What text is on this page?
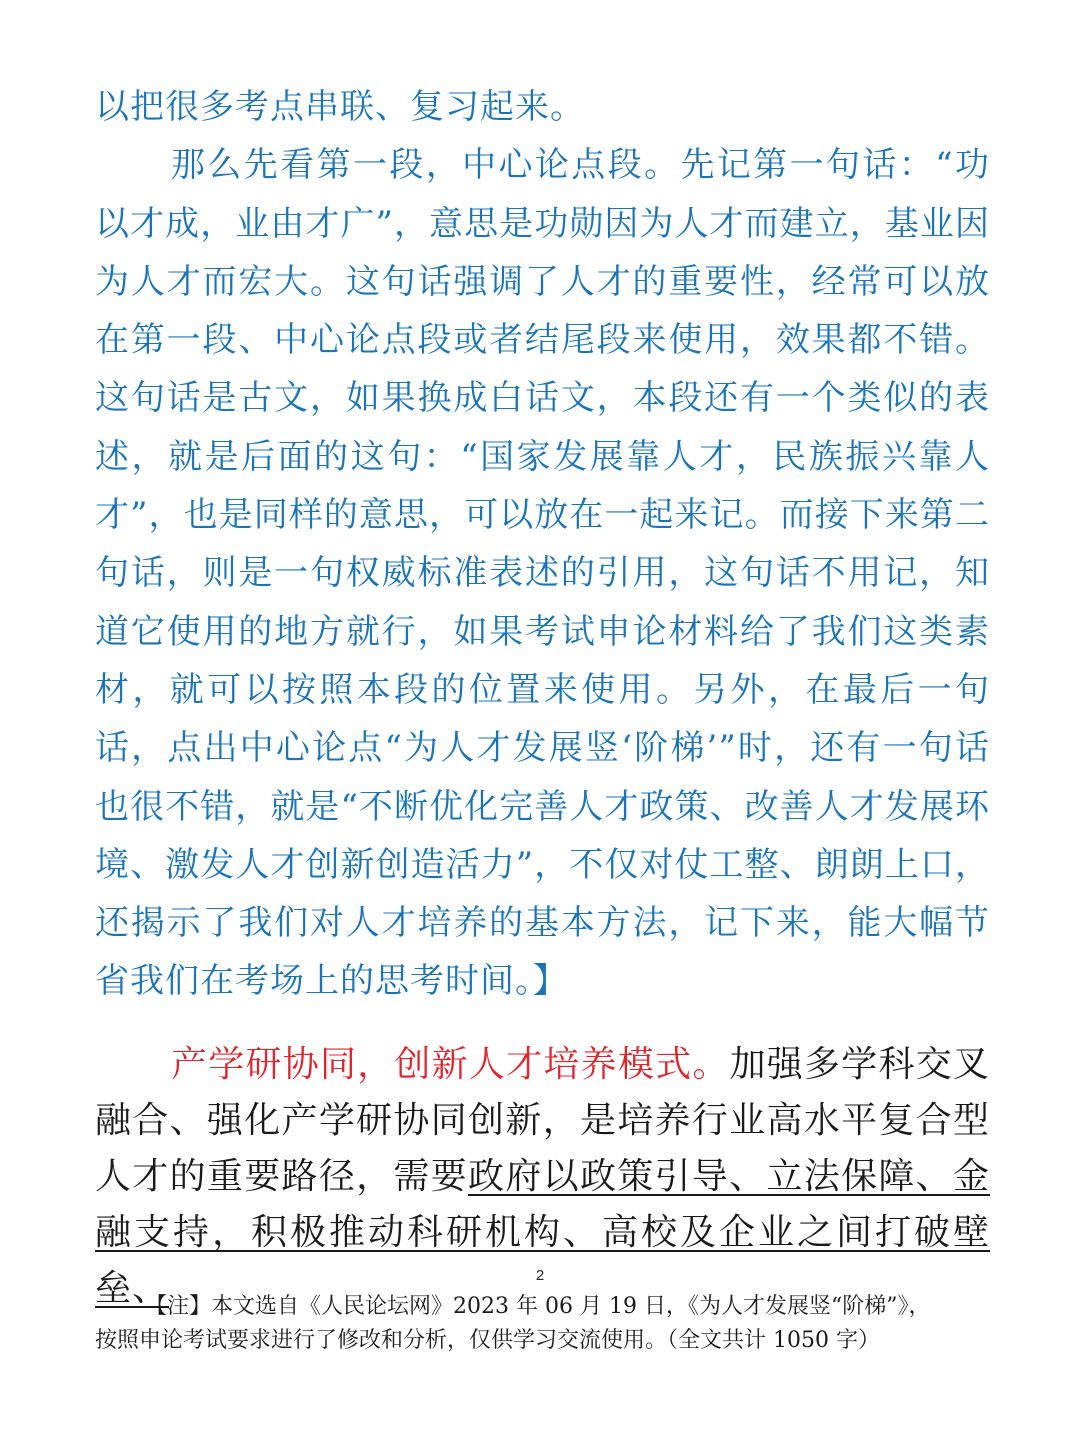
以把很多考点串联、复习起来。

那么先看第一段，中心论点段。先记第一句话：“功以才成，业由才广”，意思是功勋因为人才而建立，基业因为人才而宏大。这句话强调了人才的重要性，经常可以放在第一段、中心论点段或者结尾段来使用，效果都不错。这句话是古文，如果换成白话文，本段还有一个类似的表述，就是后面的这句：“国家发展靠人才，民族振兴靠人才”，也是同样的意思，可以放在一起来记。而接下来第二句话，则是一句权威标准表述的引用，这句话不用记，知道它使用的地方就行，如果考试申论材料给了我们这类素材，就可以按照本段的位置来使用。另外，在最后一句话，点出中心论点“为人才发展竖‘阶梯’”时，还有一句话也很不错，就是“不断优化完善人才政策、改善人才发展环境、激发人才创新创造活力”，不仅对仗工整、朗朗上口，还揭示了我们对人才培养的基本方法，记下来，能大幅节省我们在考场上的思考时间。】

产学研协同，创新人才培养模式。加强多学科交叉融合、强化产学研协同创新，是培养行业高水平复合型人才的重要路径，需要政府以政策引导、立法保障、金融支持，积极推动科研机构、高校及企业之间打破壁垒、	2

【注】本文选自《人民论坛网》2023 年 06 月 19 日，《为人才发展竖“阶梯”》，

按照申论考试要求进行了修改和分析，仅供学习交流使用。（全文共计 1050 字）
